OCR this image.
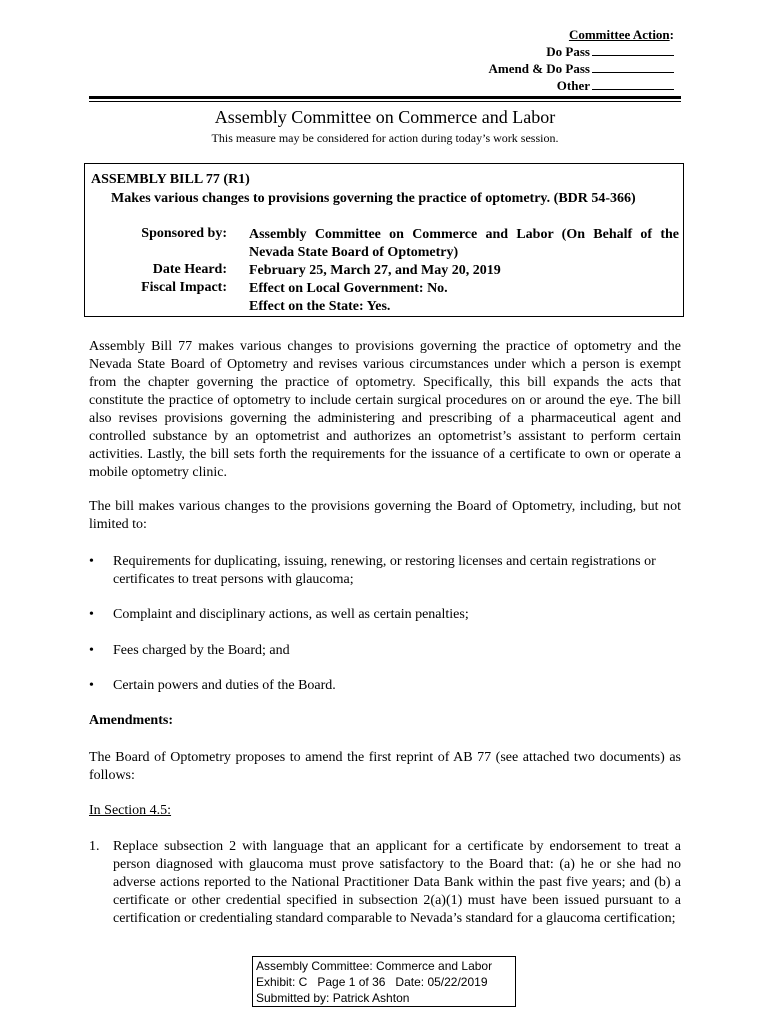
Committee Action:
Do Pass
Amend & Do Pass
Other
Assembly Committee on Commerce and Labor
This measure may be considered for action during today’s work session.
ASSEMBLY BILL 77 (R1)
Makes various changes to provisions governing the practice of optometry. (BDR 54-366)
Sponsored by: Assembly Committee on Commerce and Labor (On Behalf of the Nevada State Board of Optometry)
Date Heard: February 25, March 27, and May 20, 2019
Fiscal Impact: Effect on Local Government: No.
Effect on the State: Yes.
Assembly Bill 77 makes various changes to provisions governing the practice of optometry and the Nevada State Board of Optometry and revises various circumstances under which a person is exempt from the chapter governing the practice of optometry. Specifically, this bill expands the acts that constitute the practice of optometry to include certain surgical procedures on or around the eye. The bill also revises provisions governing the administering and prescribing of a pharmaceutical agent and controlled substance by an optometrist and authorizes an optometrist’s assistant to perform certain activities. Lastly, the bill sets forth the requirements for the issuance of a certificate to own or operate a mobile optometry clinic.
The bill makes various changes to the provisions governing the Board of Optometry, including, but not limited to:
• Requirements for duplicating, issuing, renewing, or restoring licenses and certain registrations or certificates to treat persons with glaucoma;
• Complaint and disciplinary actions, as well as certain penalties;
• Fees charged by the Board; and
• Certain powers and duties of the Board.
Amendments:
The Board of Optometry proposes to amend the first reprint of AB 77 (see attached two documents) as follows:
In Section 4.5:
1. Replace subsection 2 with language that an applicant for a certificate by endorsement to treat a person diagnosed with glaucoma must prove satisfactory to the Board that: (a) he or she had no adverse actions reported to the National Practitioner Data Bank within the past five years; and (b) a certificate or other credential specified in subsection 2(a)(1) must have been issued pursuant to a certification or credentialing standard comparable to Nevada’s standard for a glaucoma certification;
Assembly Committee: Commerce and Labor
Exhibit: C Page 1 of 36 Date: 05/22/2019
Submitted by: Patrick Ashton
